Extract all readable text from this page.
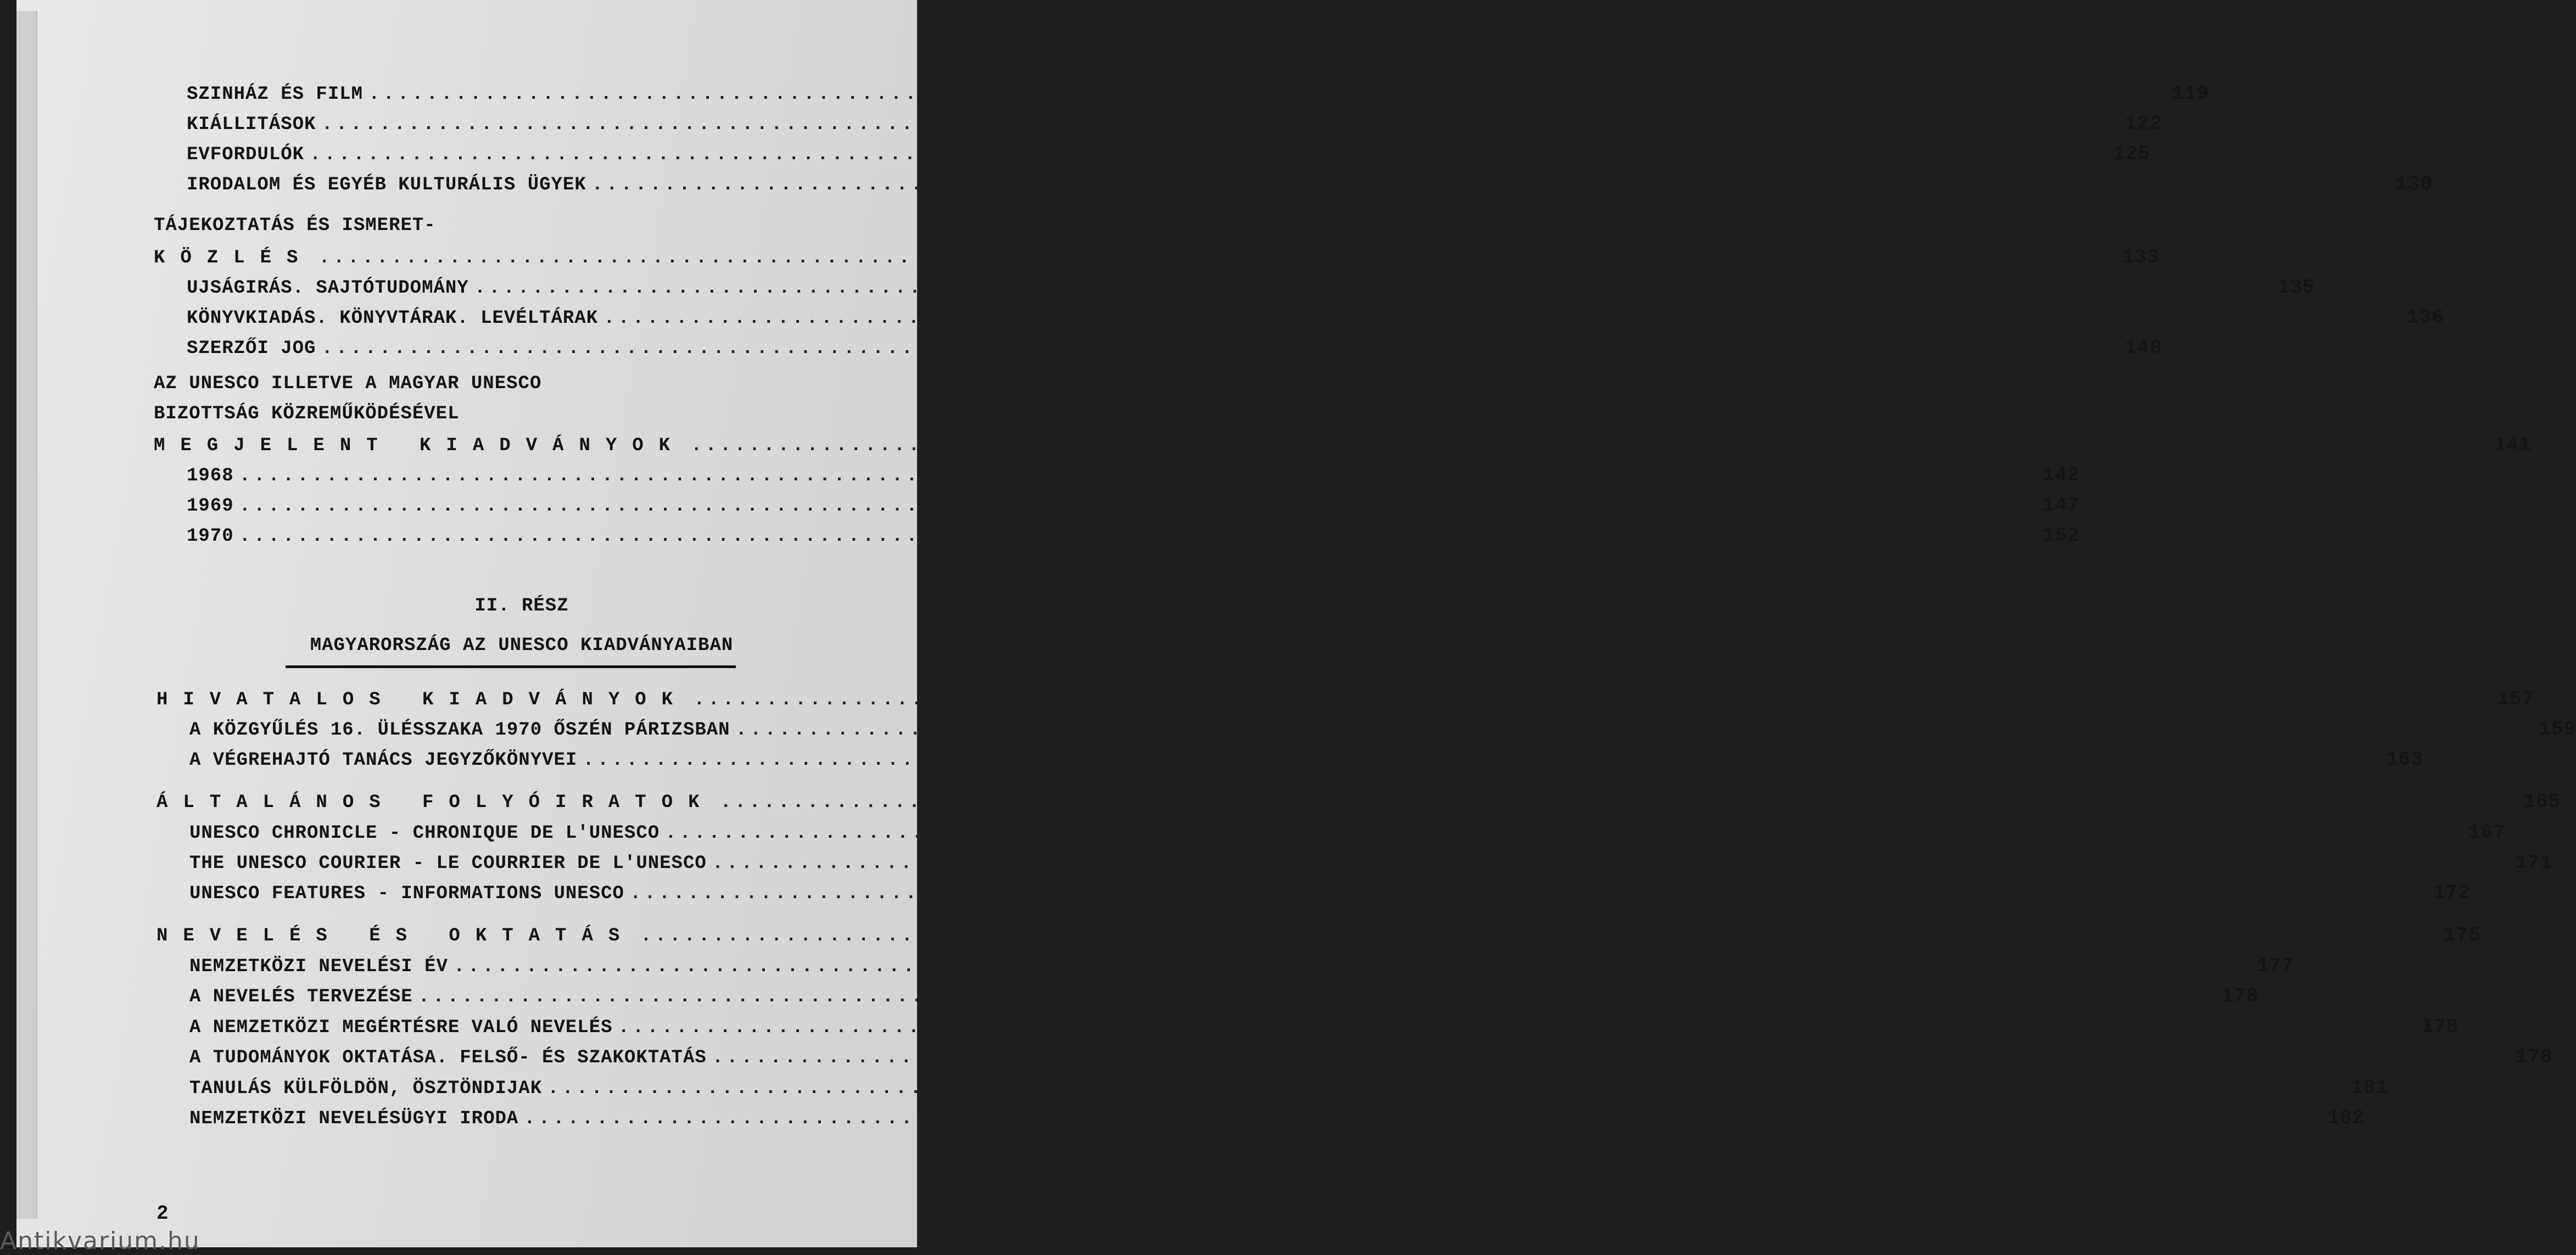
SZINHÁZ ÉS FILM ............................................................................................................................ 119
KIÁLLITÁSOK ............................................................................................................................ 122
EVFORDULÓK ............................................................................................................................ 125
IRODALOM ÉS EGYÉB KULTURÁLIS ÜGYEK ............................................................................................................................ 130
TÁJEKOZTATÁS ÉS ISMERET-
KÖZLÉS ............................................................................................................................ 133
UJSÁGIRÁS. SAJTÓTUDOMÁNY ............................................................................................................................ 135
KÖNYVKIADÁS. KÖNYVTÁRAK. LEVÉLTÁRAK ............................................................................................................................ 136
SZERZŐI JOG ............................................................................................................................ 140
AZ UNESCO ILLETVE A MAGYAR UNESCO
BIZOTTSÁG KÖZREMŰKÖDÉSÉVEL
MEGJELENT KIADVÁNYOK ............................................................................................................................ 141
1968 ............................................................................................................................ 142
1969 ............................................................................................................................ 147
1970 ............................................................................................................................ 152
II. RÉSZ
MAGYARORSZÁG AZ UNESCO KIADVÁNYAIBAN
HIVATALOS KIADVÁNYOK ............................................................................................................................ 157
A KÖZGYŰLÉS 16. ÜLÉSSZAKA 1970 ŐSZÉN PÁRIZSBAN ............................................................................................................................ 159
A VÉGREHAJTÓ TANÁCS JEGYZŐKÖNYVEI ............................................................................................................................ 163
ÁLTALÁNOS FOLYÓIRATOK ............................................................................................................................ 165
UNESCO CHRONICLE - CHRONIQUE DE L'UNESCO ............................................................................................................................ 167
THE UNESCO COURIER - LE COURRIER DE L'UNESCO ............................................................................................................................ 171
UNESCO FEATURES - INFORMATIONS UNESCO ............................................................................................................................ 172
NEVELÉS ÉS OKTATÁS ............................................................................................................................ 175
NEMZETKÖZI NEVELÉSI ÉV ............................................................................................................................ 177
A NEVELÉS TERVEZÉSE ............................................................................................................................ 178
A NEMZETKÖZI MEGÉRTÉSRE VALÓ NEVELÉS ............................................................................................................................ 178
A TUDOMÁNYOK OKTATÁSA. FELSŐ- ÉS SZAKOKTATÁS ............................................................................................................................ 178
TANULÁS KÜLFÖLDÖN, ÖSZTÖNDIJAK ............................................................................................................................ 181
NEMZETKÖZI NEVELÉSÜGYI IRODA ............................................................................................................................ 182
2
Antikvarium.hu
